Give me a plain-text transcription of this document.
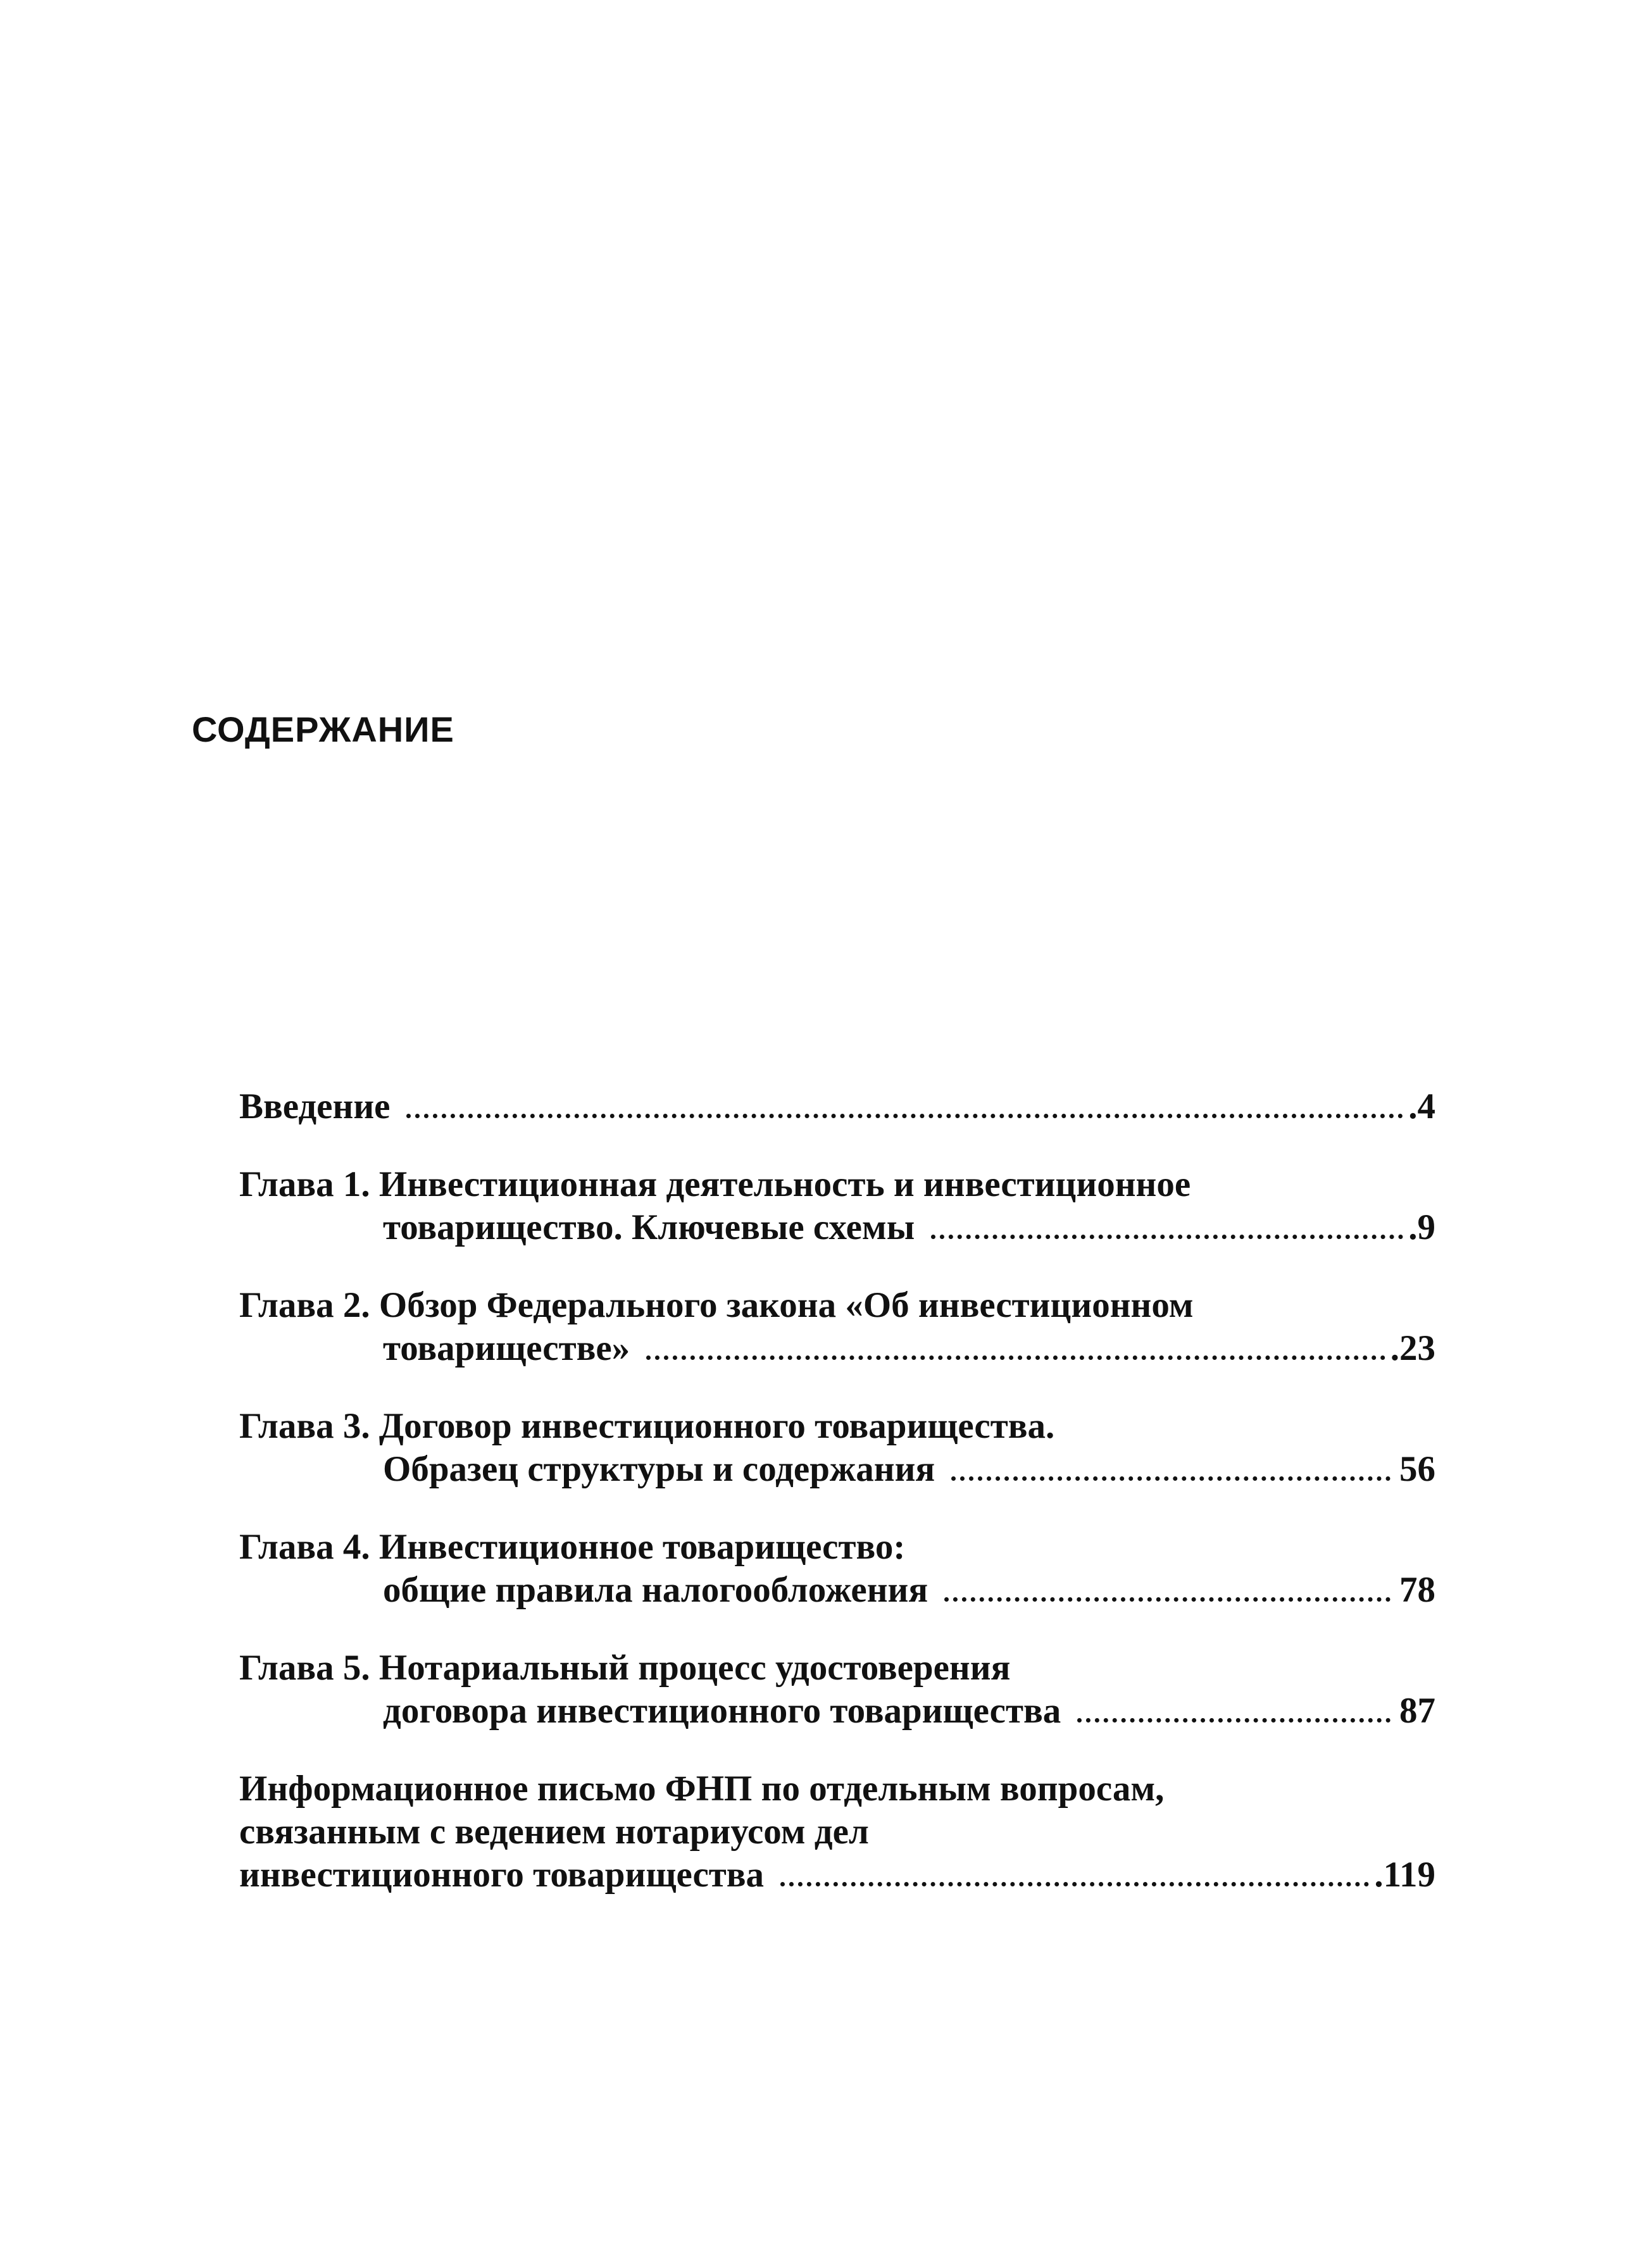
СОДЕРЖАНИЕ
Введение	.4
Глава 1. Инвестиционная деятельность и инвестиционное
товарищество. Ключевые схемы	.9
Глава 2. Обзор Федерального закона «Об инвестиционном
товариществе»	.23
Глава 3. Договор инвестиционного товарищества.
Образец структуры и содержания	56
Глава 4. Инвестиционное товарищество:
общие правила налогообложения	78
Глава 5. Нотариальный процесс удостоверения
договора инвестиционного товарищества	87
Информационное письмо ФНП по отдельным вопросам,
связанным с ведением нотариусом дел
инвестиционного товарищества	.119
